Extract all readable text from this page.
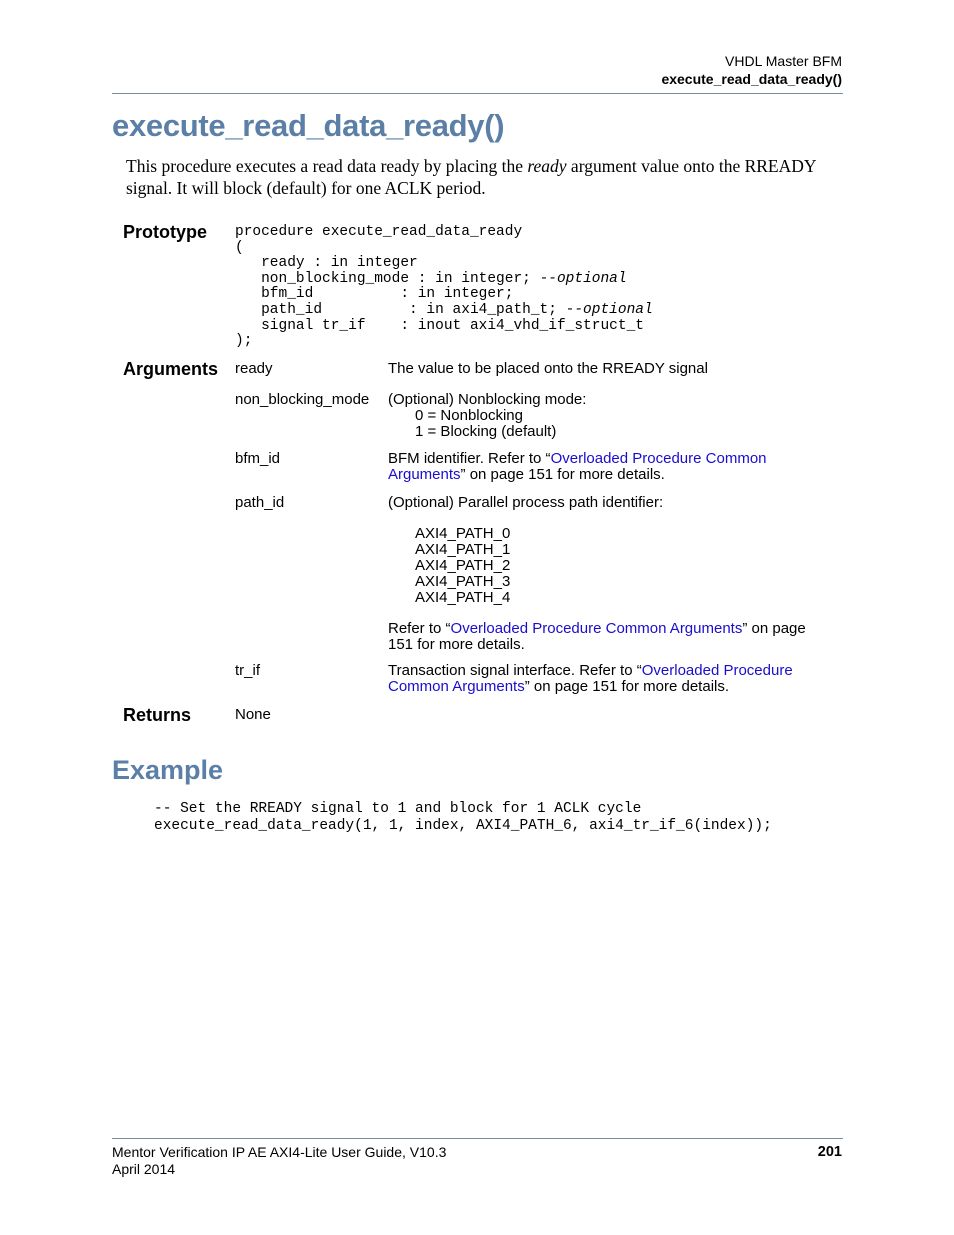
VHDL Master BFM
execute_read_data_ready()
execute_read_data_ready()

This procedure executes a read data ready by placing the ready argument value onto the RREADY signal. It will block (default) for one ACLK period.

Prototype procedure execute_read_data_ready
(
ready : in integer
non_blocking_mode : in integer; --optional
bfm_id          : in integer;
path_id          : in axi4_path_t; --optional
signal tr_if    : inout axi4_vhd_if_struct_t
);
Arguments ready	The value to be placed onto the RREADY signal
non_blocking_mode (Optional) Nonblocking mode:
0 = Nonblocking
1 = Blocking (default)
bfm_id	BFM identifier. Refer to “Overloaded Procedure Common Arguments” on page 151 for more details.
path_id	(Optional) Parallel process path identifier:
AXI4_PATH_0
AXI4_PATH_1
AXI4_PATH_2
AXI4_PATH_3
AXI4_PATH_4
Refer to “Overloaded Procedure Common Arguments” on page 151 for more details.
tr_if	Transaction signal interface. Refer to “Overloaded Procedure Common Arguments” on page 151 for more details.
Returns	None
Example
-- Set the RREADY signal to 1 and block for 1 ACLK cycle
execute_read_data_ready(1, 1, index, AXI4_PATH_6, axi4_tr_if_6(index));
Mentor Verification IP AE AXI4-Lite User Guide, V10.3
April 2014
201
